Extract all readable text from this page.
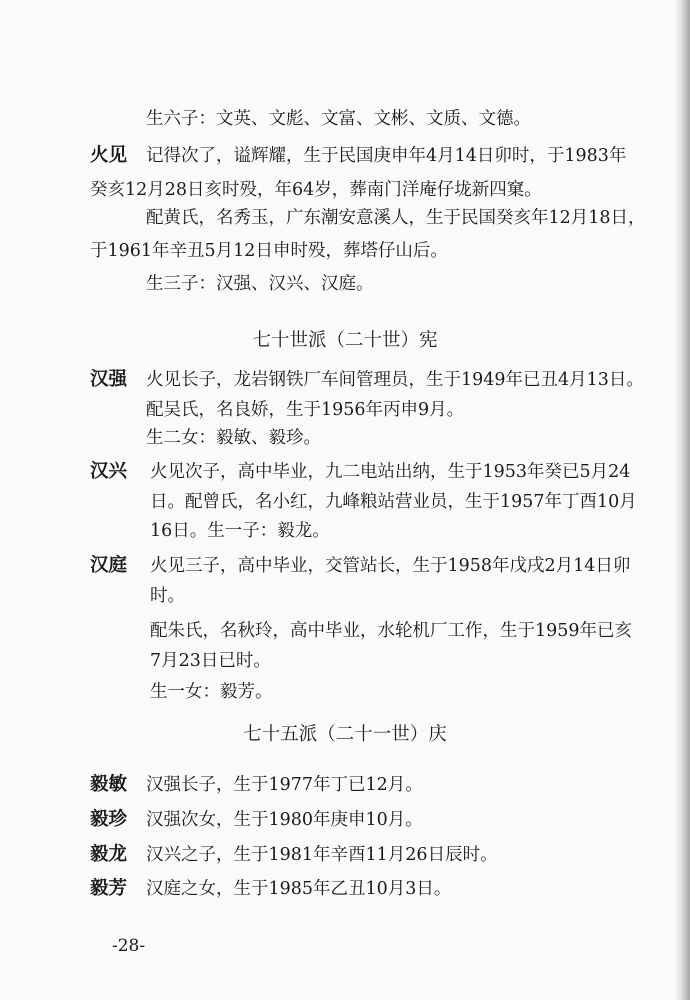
生六子：文英、文彪、文富、文彬、文质、文德。
火见 记得次了，谥辉耀，生于民国庚申年4月14日卯时，于1983年
癸亥12月28日亥时殁，年64岁，葬南门洋庵仔垅新四窠。
配黄氏，名秀玉，广东潮安意溪人，生于民国癸亥年12月18日，
于1961年辛丑5月12日申时殁，葬塔仔山后。
生三子：汉强、汉兴、汉庭。
七十世派（二十世）宪
汉强 火见长子，龙岩钢铁厂车间管理员，生于1949年已丑4月13日。
配吴氏，名良娇，生于1956年丙申9月。
生二女：毅敏、毅珍。
汉兴 火见次子，高中毕业，九二电站出纳，生于1953年癸已5月24
日。配曾氏，名小红，九峰粮站营业员，生于1957年丁酉10月
16日。生一子：毅龙。
汉庭 火见三子，高中毕业，交管站长，生于1958年戊戌2月14日卯
时。
配朱氏，名秋玲，高中毕业，水轮机厂工作，生于1959年已亥
7月23日已时。
生一女：毅芳。
七十五派（二十一世）庆
毅敏 汉强长子，生于1977年丁已12月。
毅珍 汉强次女，生于1980年庚申10月。
毅龙 汉兴之子，生于1981年辛酉11月26日辰时。
毅芳 汉庭之女，生于1985年乙丑10月3日。
-28-
